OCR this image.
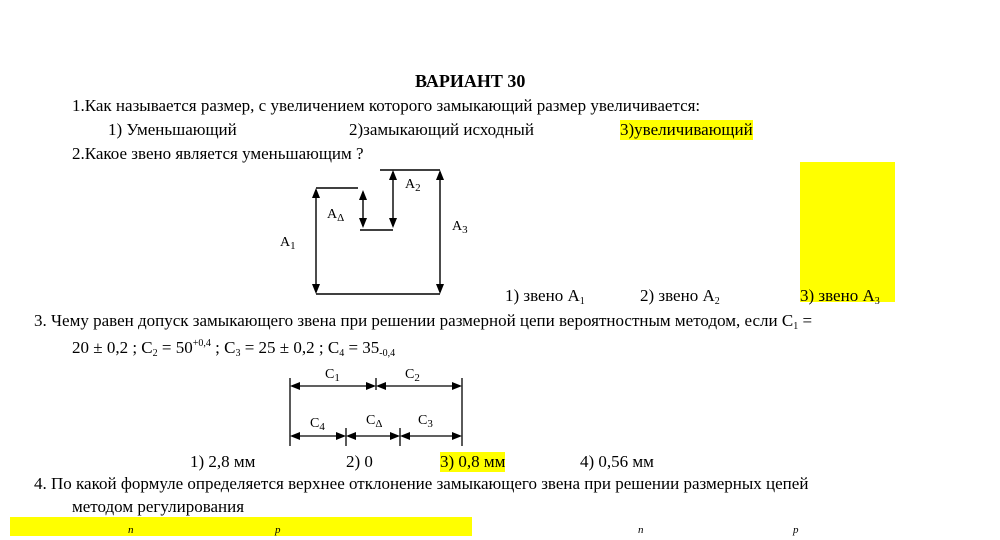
ВАРИАНТ 30
1.Как называется размер, с увеличением которого замыкающий размер увеличивается:
1) Уменьшающий	2)замыкающий исходный	3)увеличивающий
2.Какое звено является уменьшающим ?
$A_1$
$A_2$
$A_3$
$A_\Delta$
1) звено A1	2) звено A2	3) звено A3
3. Чему равен допуск замыкающего звена при решении размерной цепи вероятностным методом, если C1 =
20 ± 0,2 ; $C2 = 50^{+0,4}$ ; C3 = 25 ± 0,2 ; C4 = 35-0,4
$C_1$	$C_2$
$C_4$	$C_\Delta$	$C_3$
1) 2,8 мм	2) 0	3) 0,8 мм	4) 0,56 мм
4. По какой формуле определяется верхнее отклонение замыкающего звена при решении размерных цепей
методом регулирования
n	p	n	p
